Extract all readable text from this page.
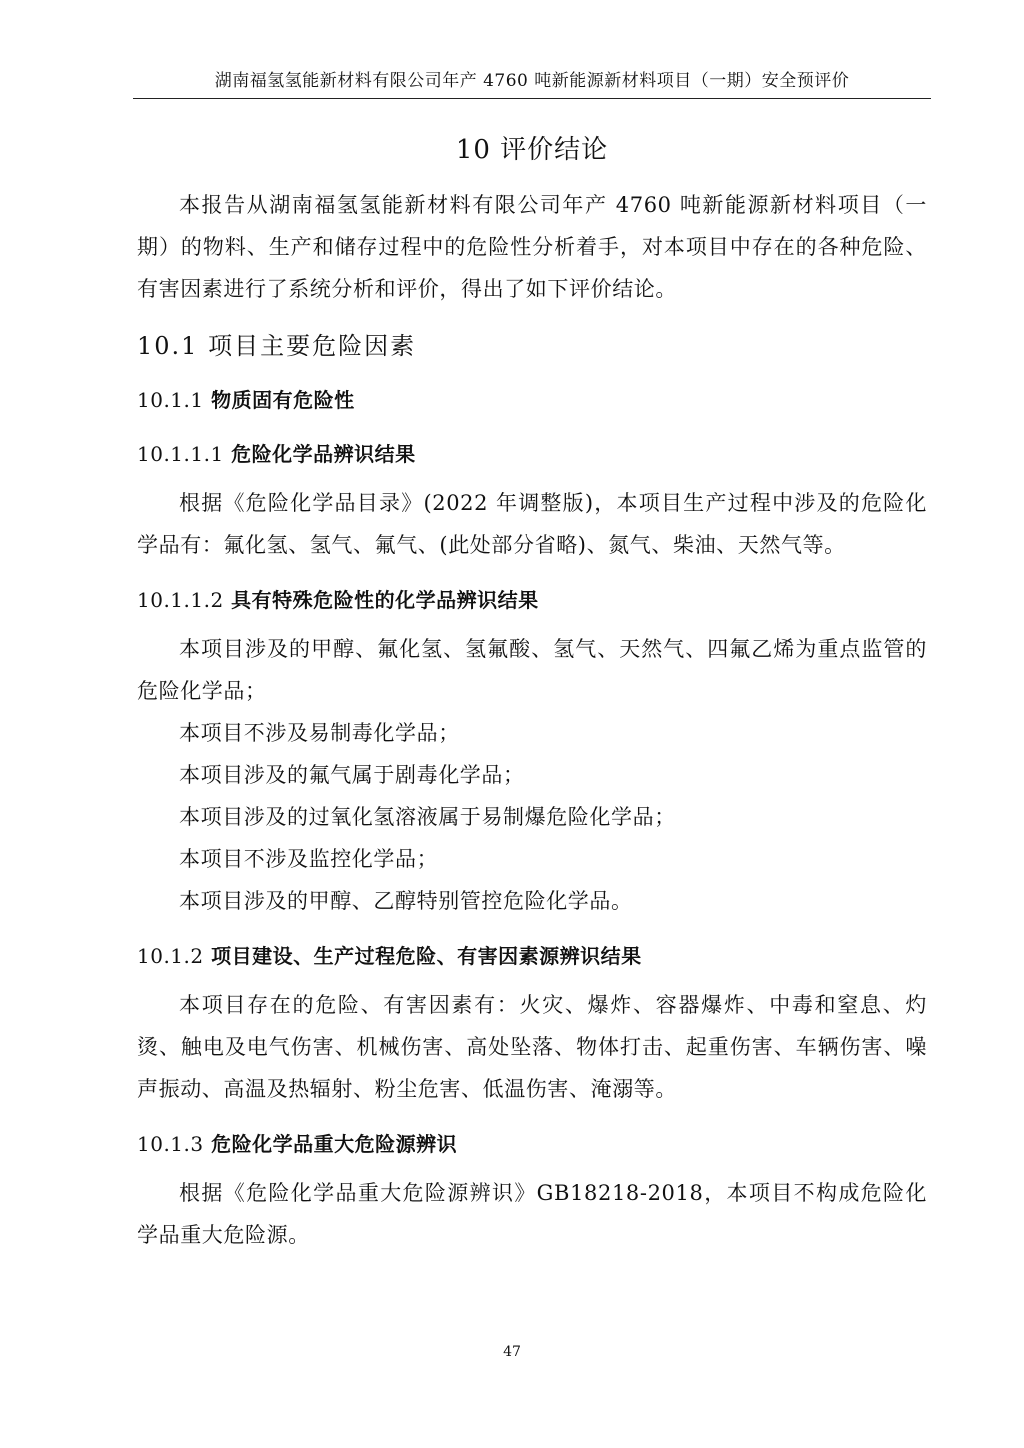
湖南福氢氢能新材料有限公司年产 4760 吨新能源新材料项目（一期）安全预评价
10 评价结论

本报告从湖南福氢氢能新材料有限公司年产 4760 吨新能源新材料项目（一期）的物料、生产和储存过程中的危险性分析着手，对本项目中存在的各种危险、有害因素进行了系统分析和评价，得出了如下评价结论。

10.1 项目主要危险因素
10.1.1 物质固有危险性
10.1.1.1 危险化学品辨识结果

根据《危险化学品目录》(2022 年调整版)，本项目生产过程中涉及的危险化学品有：氟化氢、氢气、氟气、(此处部分省略)、氮气、柴油、天然气等。

10.1.1.2 具有特殊危险性的化学品辨识结果

本项目涉及的甲醇、氟化氢、氢氟酸、氢气、天然气、四氟乙烯为重点监管的危险化学品；

本项目不涉及易制毒化学品；

本项目涉及的氟气属于剧毒化学品；

本项目涉及的过氧化氢溶液属于易制爆危险化学品；

本项目不涉及监控化学品；

本项目涉及的甲醇、乙醇特别管控危险化学品。

10.1.2 项目建设、生产过程危险、有害因素源辨识结果

本项目存在的危险、有害因素有：火灾、爆炸、容器爆炸、中毒和窒息、灼烫、触电及电气伤害、机械伤害、高处坠落、物体打击、起重伤害、车辆伤害、噪声振动、高温及热辐射、粉尘危害、低温伤害、淹溺等。

10.1.3 危险化学品重大危险源辨识

根据《危险化学品重大危险源辨识》GB18218-2018，本项目不构成危险化学品重大危险源。

47
